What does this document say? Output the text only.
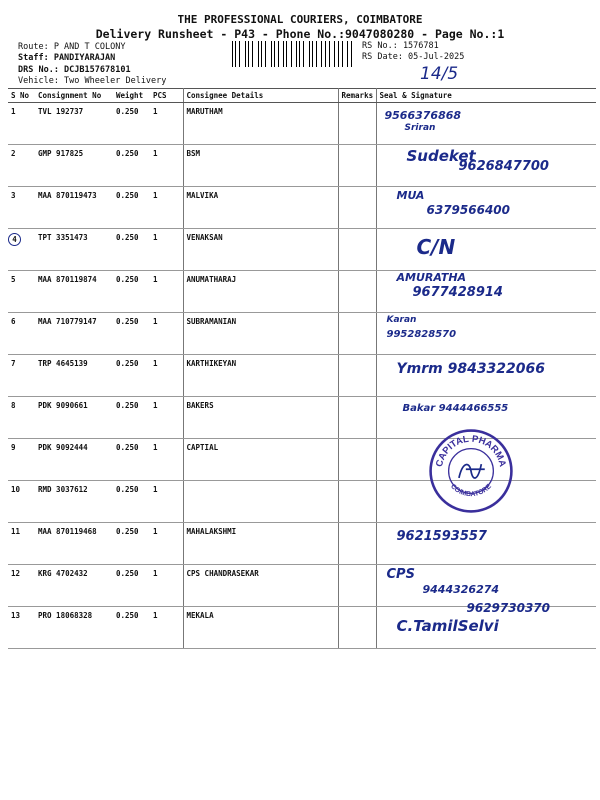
THE PROFESSIONAL COURIERS, COIMBATORE
Delivery Runsheet - P43 - Phone No.:9047080280 - Page No.:1
Route: P AND T COLONY
Staff: PANDIYARAJAN
DRS No.: DCJB157678101
Vehicle: Two Wheeler Delivery
RS No.: 1576781
RS Date: 05-Jul-2025
14/5
S No	Consignment No	Weight	PCS	Consignee Details	Remarks	Seal & Signature
1	TVL 192737	0.250	1	MARUTHAM		9566376868
Sriran

2	GMP 917825	0.250	1	BSM		Sudeket
9626847700

3	MAA 870119473	0.250	1	MALVIKA		MUA
6379566400

4	TPT 3351473	0.250	1	VENAKSAN		C/N

5	MAA 870119874	0.250	1	ANUMATHARAJ		AMURATHA
9677428914

6	MAA 710779147	0.250	1	SUBRAMANIAN		Karan
9952828570

7	TRP 4645139	0.250	1	KARTHIKEYAN		Ymrm 9843322066

8	PDK 9090661	0.250	1	BAKERS		Bakar 9444466555

9	PDK 9092444	0.250	1	CAPTIAL		
10	RMD 3037612	0.250	1			
11	MAA 870119468	0.250	1	MAHALAKSHMI		9621593557

12	KRG 4702432	0.250	1	CPS CHANDRASEKAR		CPS
9444326274

13	PRO 18068328	0.250	1	MEKALA		9629730370
C.TamilSelvi
CAPITAL PHARMA
COIMBATORE
